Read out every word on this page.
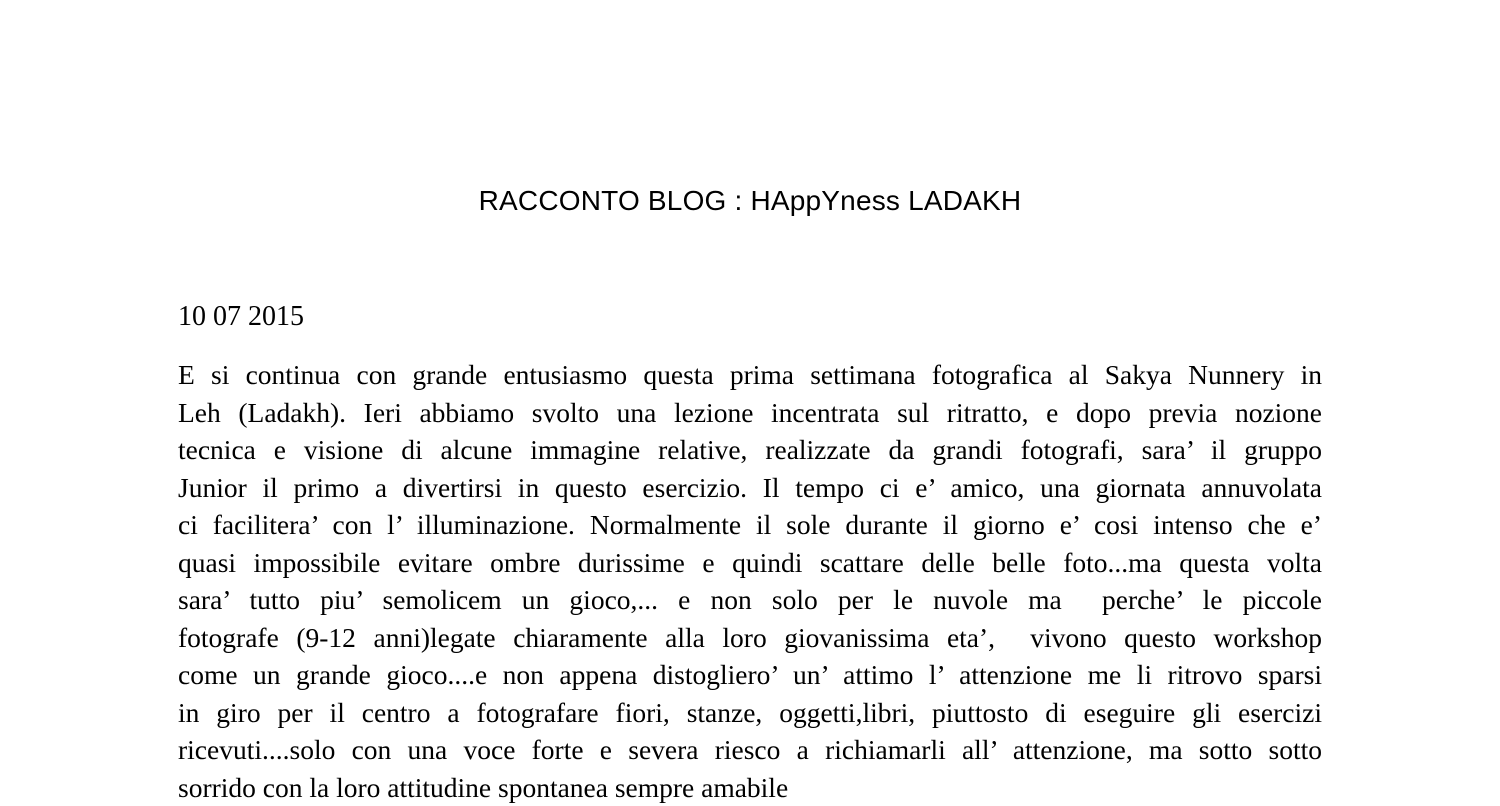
RACCONTO BLOG : HAppYness LADAKH
10 07 2015
E si continua con grande entusiasmo questa prima settimana fotografica al Sakya Nunnery in
Leh (Ladakh). Ieri abbiamo svolto una lezione incentrata sul ritratto, e dopo previa nozione
tecnica e visione di alcune immagine relative, realizzate da grandi fotografi, sara’ il gruppo
Junior il primo a divertirsi in questo esercizio. Il tempo ci e’ amico, una giornata annuvolata
ci facilitera’ con l’ illuminazione. Normalmente il sole durante il giorno e’ cosi intenso che e’
quasi impossibile evitare ombre durissime e quindi scattare delle belle foto...ma questa volta
sara’ tutto piu’ semolicem un gioco,... e non solo per le nuvole ma  perche’ le piccole
fotografe (9-12 anni)legate chiaramente alla loro giovanissima eta’,  vivono questo workshop
come un grande gioco....e non appena distogliero’ un’ attimo l’ attenzione me li ritrovo sparsi
in giro per il centro a fotografare fiori, stanze, oggetti,libri, piuttosto di eseguire gli esercizi
ricevuti....solo con una voce forte e severa riesco a richiamarli all’ attenzione, ma sotto sotto
sorrido con la loro attitudine spontanea sempre amabile
